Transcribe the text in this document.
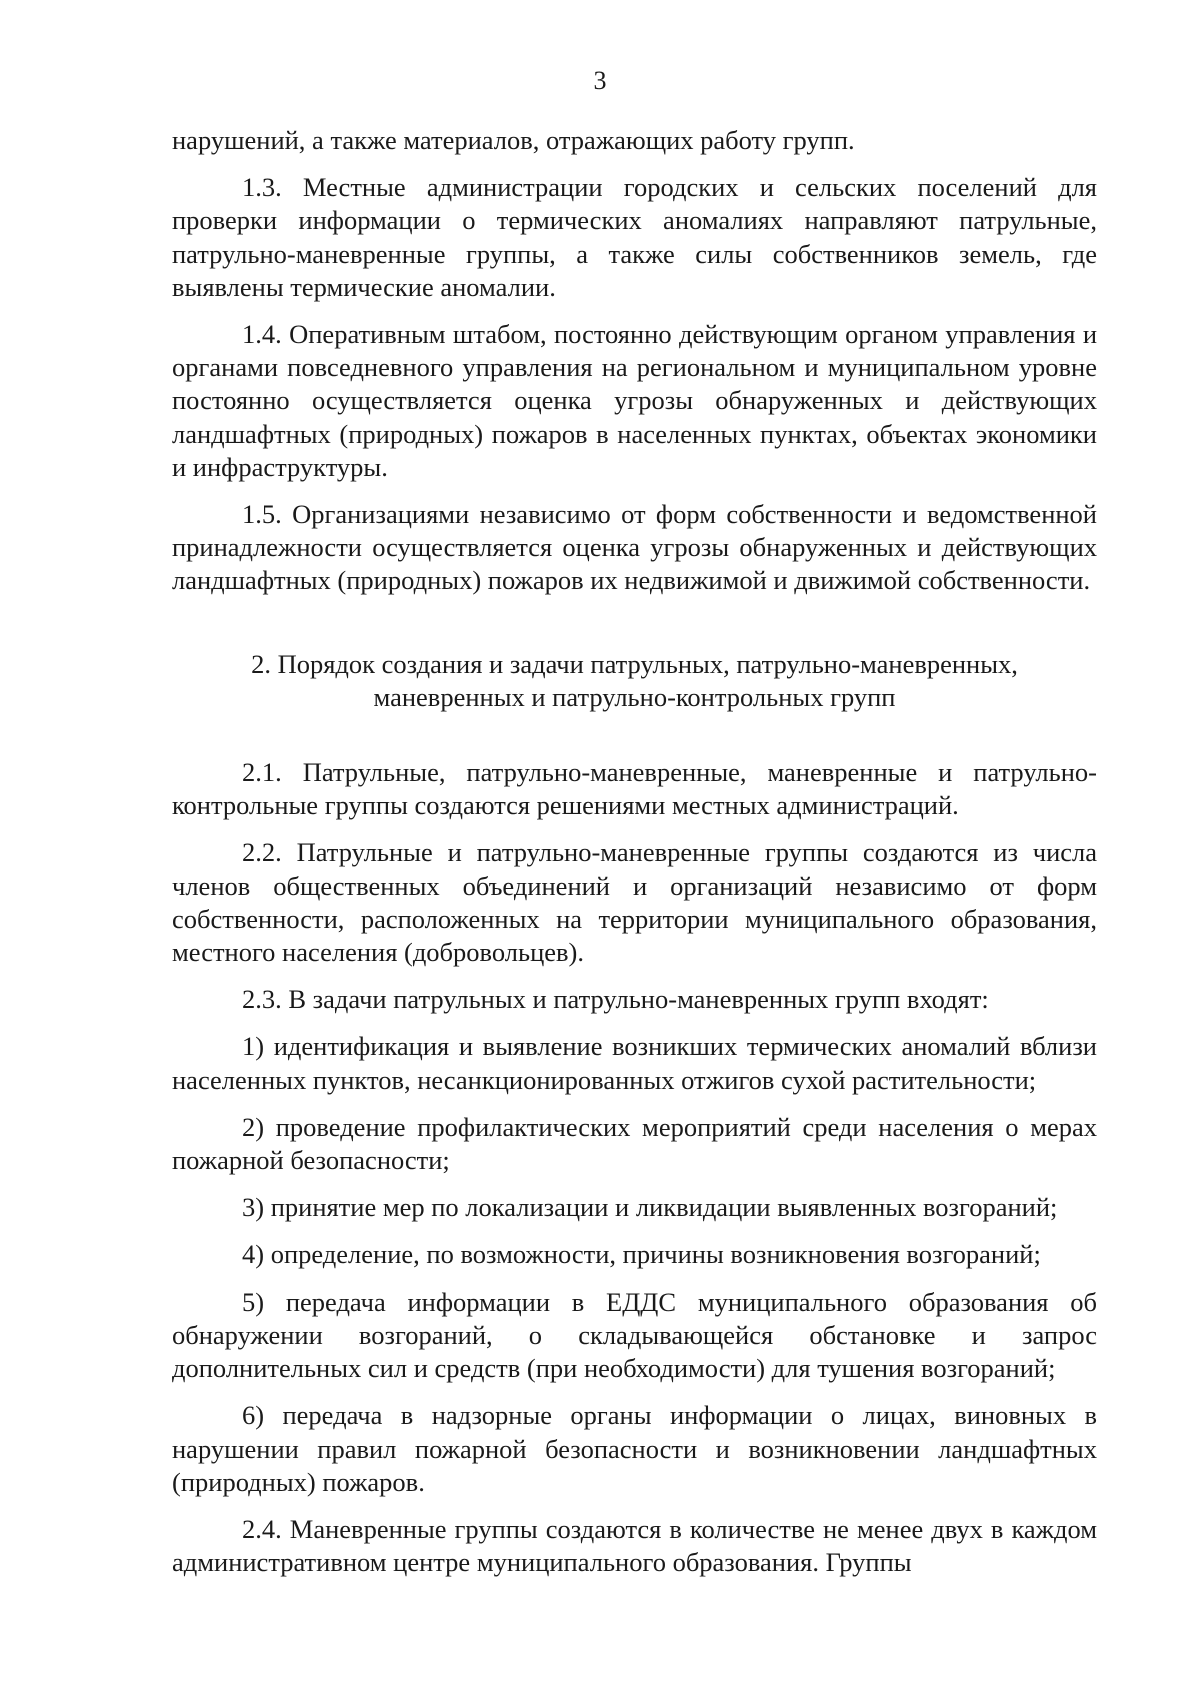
3

нарушений, а также материалов, отражающих работу групп.

1.3. Местные администрации городских и сельских поселений для проверки информации о термических аномалиях направляют патрульные, патрульно-маневренные группы, а также силы собственников земель, где выявлены термические аномалии.

1.4. Оперативным штабом, постоянно действующим органом управления и органами повседневного управления на региональном и муниципальном уровне постоянно осуществляется оценка угрозы обнаруженных и действующих ландшафтных (природных) пожаров в населенных пунктах, объектах экономики и инфраструктуры.

1.5. Организациями независимо от форм собственности и ведомственной принадлежности осуществляется оценка угрозы обнаруженных и действующих ландшафтных (природных) пожаров их недвижимой и движимой собственности.

2. Порядок создания и задачи патрульных, патрульно-маневренных,
маневренных и патрульно-контрольных групп

2.1. Патрульные, патрульно-маневренные, маневренные и патрульно-контрольные группы создаются решениями местных администраций.

2.2. Патрульные и патрульно-маневренные группы создаются из числа членов общественных объединений и организаций независимо от форм собственности, расположенных на территории муниципального образования, местного населения (добровольцев).

2.3. В задачи патрульных и патрульно-маневренных групп входят:

1) идентификация и выявление возникших термических аномалий вблизи населенных пунктов, несанкционированных отжигов сухой растительности;

2) проведение профилактических мероприятий среди населения о мерах пожарной безопасности;

3) принятие мер по локализации и ликвидации выявленных возгораний;

4) определение, по возможности, причины возникновения возгораний;

5) передача информации в ЕДДС муниципального образования об обнаружении возгораний, о складывающейся обстановке и запрос дополнительных сил и средств (при необходимости) для тушения возгораний;

6) передача в надзорные органы информации о лицах, виновных в нарушении правил пожарной безопасности и возникновении ландшафтных (природных) пожаров.

2.4. Маневренные группы создаются в количестве не менее двух в каждом административном центре муниципального образования. Группы
